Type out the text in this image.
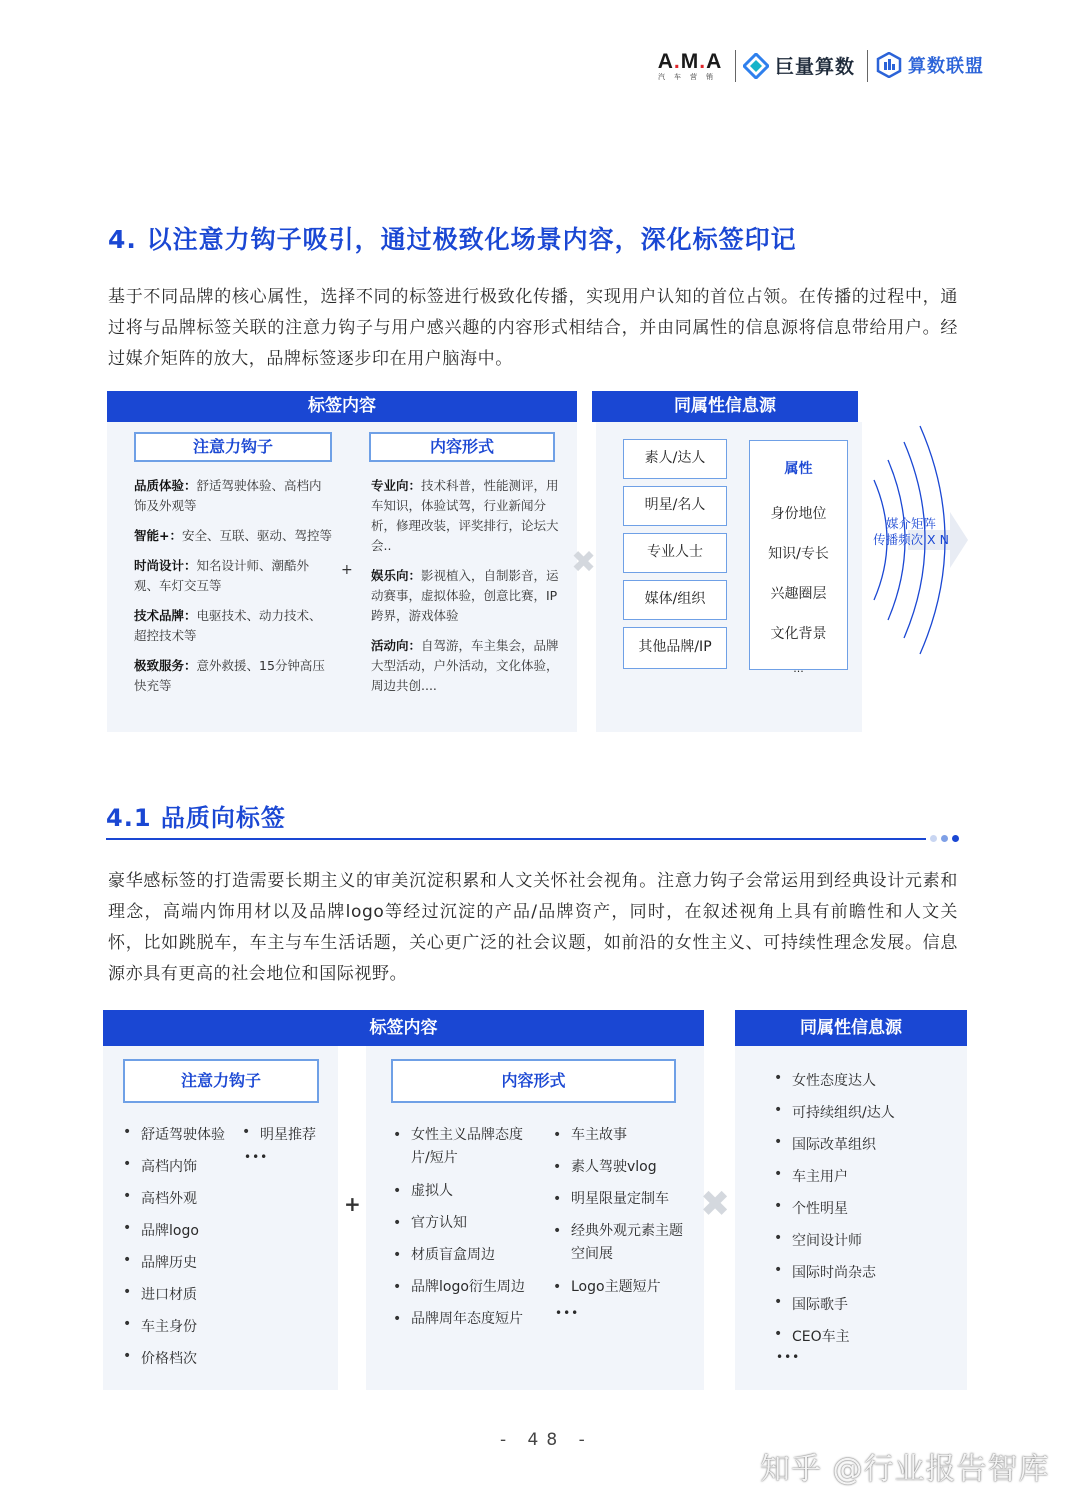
A.M.A
汽车营销	巨量算数	算数联盟
4. 以注意力钩子吸引，通过极致化场景内容，深化标签印记
基于不同品牌的核心属性，选择不同的标签进行极致化传播，实现用户认知的首位占领。在传播的过程中，通过将与品牌标签关联的注意力钩子与用户感兴趣的内容形式相结合，并由同属性的信息源将信息带给用户。经过媒介矩阵的放大，品牌标签逐步印在用户脑海中。
标签内容	同属性信息源
注意力钩子	内容形式
品质体验：舒适驾驶体验、高档内饰及外观等
智能+：安全、互联、驱动、驾控等
时尚设计：知名设计师、潮酷外观、车灯交互等
技术品牌：电驱技术、动力技术、超控技术等
极致服务：意外救援、15分钟高压快充等
+
专业向：技术科普，性能测评，用车知识，体验试驾，行业新闻分析，修理改装，评奖排行，论坛大会..
娱乐向：影视植入，自制影音，运动赛事，虚拟体验，创意比赛，IP跨界，游戏体验
活动向：自驾游，车主集会，品牌大型活动，户外活动，文化体验，周边共创....
✖
素人/达人
明星/名人
专业人士
媒体/组织
其他品牌/IP
属性
身份地位
知识/专长
兴趣圈层
文化背景
...
媒介矩阵
传播频次 X N
4.1 品质向标签
豪华感标签的打造需要长期主义的审美沉淀积累和人文关怀社会视角。注意力钩子会常运用到经典设计元素和理念，高端内饰用材以及品牌logo等经过沉淀的产品/品牌资产，同时，在叙述视角上具有前瞻性和人文关怀，比如跳脱车，车主与车生活话题，关心更广泛的社会议题，如前沿的女性主义、可持续性理念发展。信息源亦具有更高的社会地位和国际视野。
标签内容	同属性信息源
注意力钩子	内容形式
• 舒适驾驶体验
• 高档内饰
• 高档外观
• 品牌logo
• 品牌历史
• 进口材质
• 车主身份
• 价格档次
• 明星推荐
•••
+
• 女性主义品牌态度片/短片
• 虚拟人
• 官方认知
• 材质盲盒周边
• 品牌logo衍生周边
• 品牌周年态度短片
• 车主故事
• 素人驾驶vlog
• 明星限量定制车
• 经典外观元素主题空间展
• Logo主题短片
•••
✖
• 女性态度达人
• 可持续组织/达人
• 国际改革组织
• 车主用户
• 个性明星
• 空间设计师
• 国际时尚杂志
• 国际歌手
• CEO车主
•••
- 48 -
知乎 @行业报告智库
